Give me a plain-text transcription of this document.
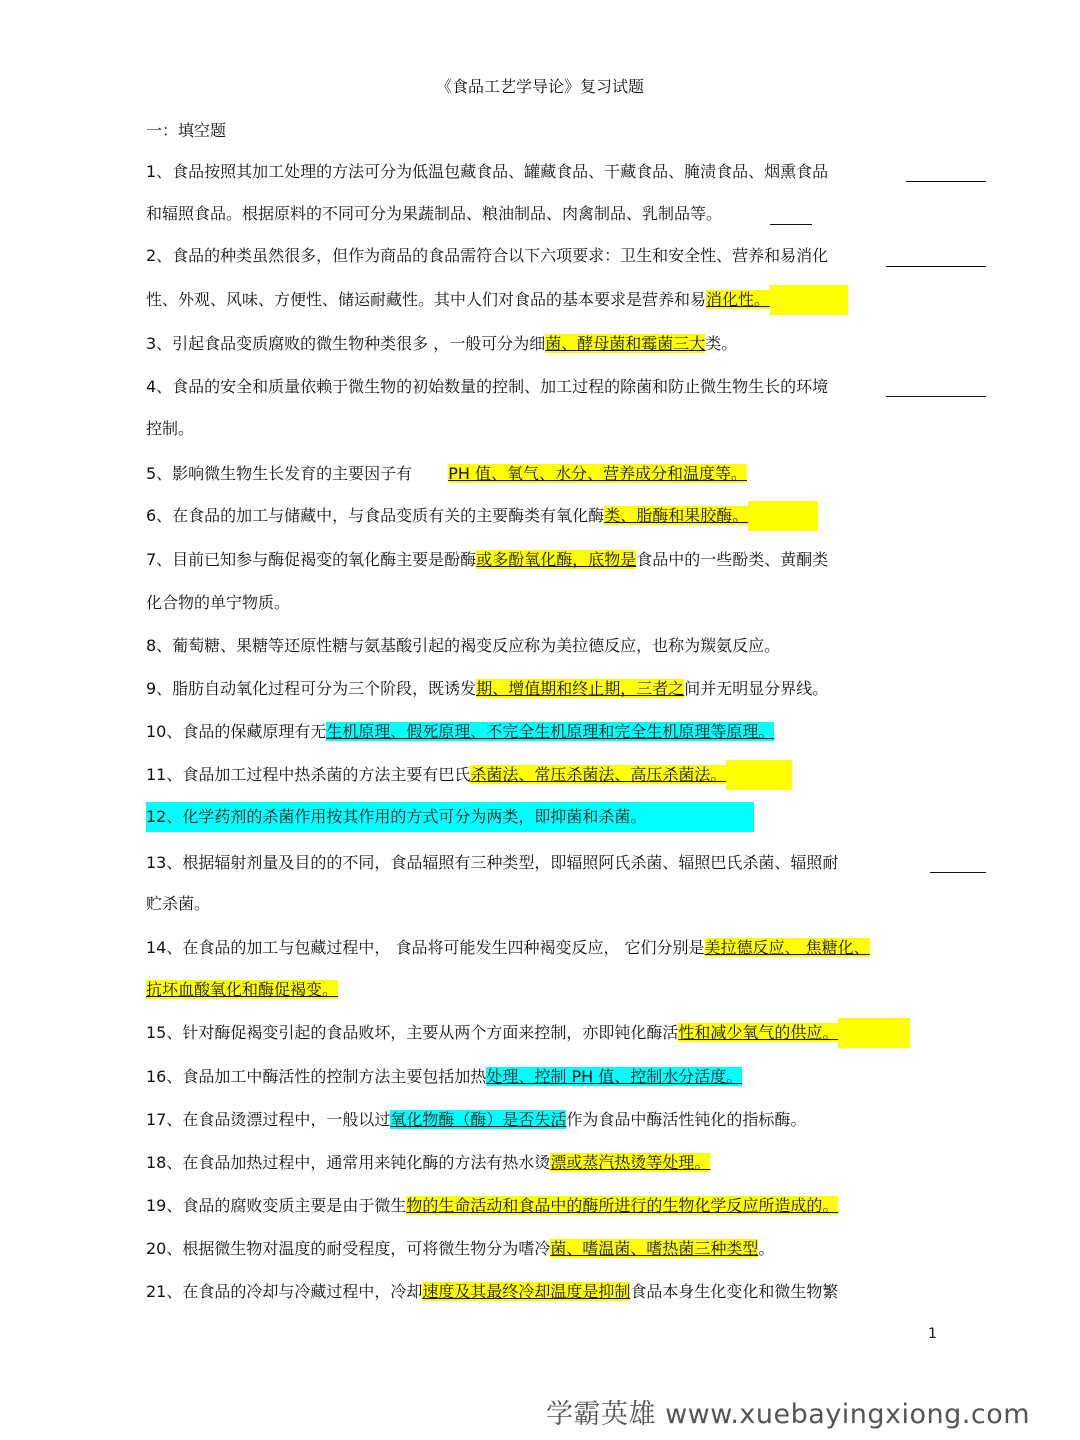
《食品工艺学导论》复习试题
一：填空题
1、食品按照其加工处理的方法可分为低温包藏食品、罐藏食品、干藏食品、腌渍食品、烟熏食品
和辐照食品。根据原料的不同可分为果蔬制品、粮油制品、肉禽制品、乳制品等。
2、食品的种类虽然很多，但作为商品的食品需符合以下六项要求：卫生和安全性、营养和易消化
性、外观、风味、方便性、储运耐藏性。其中人们对食品的基本要求是营养和易消化性。
3、引起食品变质腐败的微生物种类很多 ，一般可分为细菌、酵母菌和霉菌三大类。
4、食品的安全和质量依赖于微生物的初始数量的控制、加工过程的除菌和防止微生物生长的环境
控制。
5、影响微生物生长发育的主要因子有 PH 值、氧气、水分、营养成分和温度等。
6、在食品的加工与储藏中，与食品变质有关的主要酶类有氧化酶类、脂酶和果胶酶。
7、目前已知参与酶促褐变的氧化酶主要是酚酶或多酚氧化酶，底物是食品中的一些酚类、黄酮类
化合物的单宁物质。
8、葡萄糖、果糖等还原性糖与氨基酸引起的褐变反应称为美拉德反应，也称为羰氨反应。
9、脂肪自动氧化过程可分为三个阶段，既诱发期、增值期和终止期，三者之间并无明显分界线。
10、食品的保藏原理有无生机原理、假死原理、不完全生机原理和完全生机原理等原理。
11、食品加工过程中热杀菌的方法主要有巴氏杀菌法、常压杀菌法、高压杀菌法。
12、化学药剂的杀菌作用按其作用的方式可分为两类，即抑菌和杀菌。
13、根据辐射剂量及目的的不同，食品辐照有三种类型，即辐照阿氏杀菌、辐照巴氏杀菌、辐照耐
贮杀菌。
14、在食品的加工与包藏过程中， 食品将可能发生四种褐变反应， 它们分别是美拉德反应、 焦糖化、
抗坏血酸氧化和酶促褐变。
15、针对酶促褐变引起的食品败坏，主要从两个方面来控制，亦即钝化酶活性和减少氧气的供应。
16、食品加工中酶活性的控制方法主要包括加热处理、控制 PH 值、控制水分活度。
17、在食品烫漂过程中，一般以过氧化物酶（酶）是否失活作为食品中酶活性钝化的指标酶。
18、在食品加热过程中，通常用来钝化酶的方法有热水烫漂或蒸汽热烫等处理。
19、食品的腐败变质主要是由于微生物的生命活动和食品中的酶所进行的生物化学反应所造成的。
20、根据微生物对温度的耐受程度，可将微生物分为嗜冷菌、嗜温菌、嗜热菌三种类型。
21、在食品的冷却与冷藏过程中，冷却速度及其最终冷却温度是抑制食品本身生化变化和微生物繁
1
学霸英雄 www.xuebayingxiong.com
